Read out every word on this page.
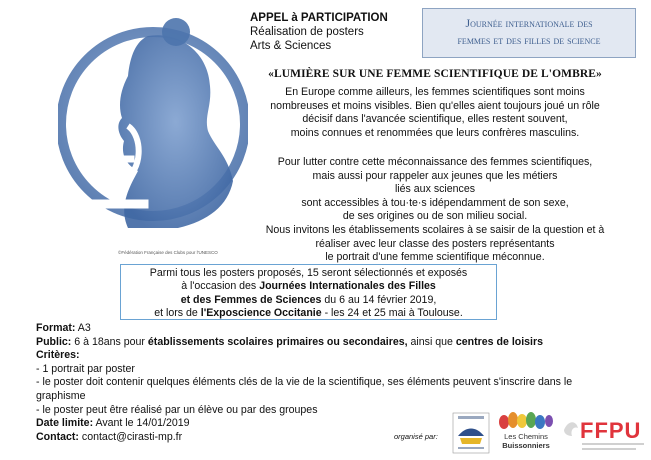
©Fédération Française des Clubs pour l'UNESCO
APPEL à PARTICIPATION
Réalisation de posters
Arts & Sciences
Journée internationale des
femmes et des filles de science
«LUMIÈRE SUR UNE FEMME SCIENTIFIQUE DE L'OMBRE»
En Europe comme ailleurs, les femmes scientifiques sont moins
nombreuses et moins visibles. Bien qu'elles aient toujours joué un rôle
décisif dans l'avancée scientifique, elles restent souvent,
moins connues et renommées que leurs confrères masculins.
Pour lutter contre cette méconnaissance des femmes scientifiques,
mais aussi pour rappeler aux jeunes que les métiers
liés aux sciences
sont accessibles à tou·te·s idépendamment de son sexe,
de ses origines ou de son milieu social.
Nous invitons les établissements scolaires à se saisir de la question et à
réaliser avec leur classe des posters représentants
le portrait d'une femme scientifique méconnue.
Parmi tous les posters proposés, 15 seront sélectionnés et exposés
à l'occasion des Journées Internationales des Filles
et des Femmes de Sciences du 6 au 14 février 2019,
et lors de l'Exposcience Occitanie - les 24 et 25 mai à Toulouse.
Format: A3
Public: 6 à 18ans pour établissements scolaires primaires ou secondaires, ainsi que centres de loisirs
Critères:
- 1 portrait par poster
- le poster doit contenir quelques éléments clés de la vie de la scientifique, ses éléments peuvent s'inscrire dans le graphisme
- le poster peut être réalisé par un élève ou par des groupes
Date limite: Avant le 14/01/2019
Contact: contact@cirasti-mp.fr	organisé par:	Les Chemins
Buissonniers
FFPU
